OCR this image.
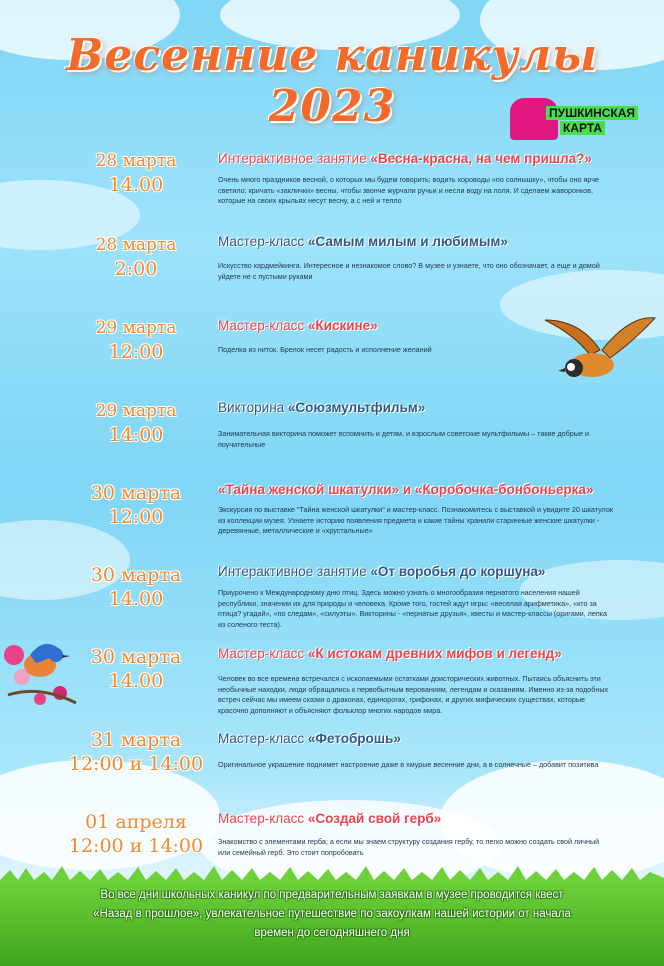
Весенние каникулы 2023	ПУШКИНСКАЯ
КАРТА
28 марта
14.00
Интерактивное занятие «Весна-красна, на чем пришла?»
Очень много праздников весной, о которых мы будем говорить; водить хороводы «по солнышку», чтобы оно ярче светило; кричать «заклички» весны, чтобы звонче журчали ручьи и несли воду на поля. И сделаем жаворонков, которые на своих крыльях несут весну, а с ней и тепло
28 марта
2:00
Мастер-класс «Самым милым и любимым»
Искусство кардмейкинга. Интересное и незнакомое слово? В музее и узнаете, что оно обозначает, а еще и домой уйдете не с пустыми руками
29 марта
12:00
Мастер-класс «Кискине»
Поделка из ниток. Брелок несет радость и исполнение желаний
29 марта
14:00
Викторина «Союзмультфильм»
Занимательная викторина поможет вспомнить и детям, и взрослым советские мультфильмы – такие добрые и поучительные
30 марта
12:00
«Тайна женской шкатулки» и «Коробочка-бонбоньерка»
Экскурсия по выставке "Тайна женской шкатулки" и мастер-класс. Познакомитесь с выставкой и увидите 20 шкатулок из коллекции музея. Узнаете историю появления предмета и какие тайны хранили старинные женские шкатулки - деревянные, металлические и «хрустальные»
30 марта
14.00
Интерактивное занятие «От воробья до коршуна»
Приурочено к Международному дню птиц. Здесь можно узнать о многообразии пернатого населения нашей республики, значении их для природы и человека. Кроме того, гостей ждут игры: «веселая арифметика», «кто за птица? угадай», «по следам», «силуэты». Викторины - «пернатые друзья», квесты и мастер-классы (оригами, лепка из соленого теста).
30 марта
14.00
Мастер-класс «К истокам древних мифов и легенд»
Человек во все времена встречался с ископаемыми остатками доисторических животных. Пытаясь объяснить эти необычные находки, люди обращались к первобытным верованиям, легендам и сказаниям. Именно из-за подобных встреч сейчас мы имеем сказки о драконах, единорогах, грифонах, и других мифических существах, которые красочно дополняют и объясняют фольклор многих народов мира.
31 марта
12:00 и 14:00
Мастер-класс «Фетоброшь»
Оригинальное украшение поднимет настроение даже в хмурые весенние дни, а в солнечные – добавит позитива
01 апреля
12:00 и 14:00
Мастер-класс «Создай свой герб»
Знакомство с элементами герба; а если мы знаем структуру создания гербу, то легко можно создать свой личный или семейный герб. Это стоит попробовать
Во все дни школьных каникул по предварительным заявкам в музее проводится квест
«Назад в прошлое», увлекательное путешествие по закоулкам нашей истории от начала
времен до сегодняшнего дня
